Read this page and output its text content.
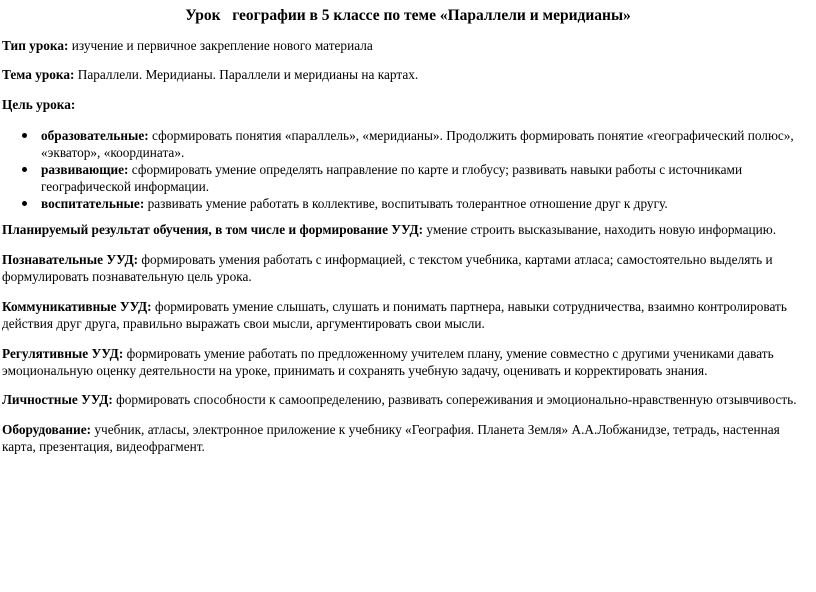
Урок   географии в 5 классе по теме «Параллели и меридианы»

Тип урока: изучение и первичное закрепление нового материала

Тема урока: Параллели. Меридианы. Параллели и меридианы на картах.

Цель урока:

образовательные: сформировать понятия «параллель», «меридианы». Продолжить формировать понятие «географический полюс», «экватор», «координата».
развивающие: сформировать умение определять направление по карте и глобусу; развивать навыки работы с источниками географической информации.
воспитательные: развивать умение работать в коллективе, воспитывать толерантное отношение друг к другу.

Планируемый результат обучения, в том числе и формирование УУД: умение строить высказывание, находить новую информацию.

Познавательные УУД: формировать умения работать с информацией, с текстом учебника, картами атласа; самостоятельно выделять и формулировать познавательную цель урока.

Коммуникативные УУД: формировать умение слышать, слушать и понимать партнера, навыки сотрудничества, взаимно контролировать действия друг друга, правильно выражать свои мысли, аргументировать свои мысли.

Регулятивные УУД: формировать умение работать по предложенному учителем плану, умение совместно с другими учениками давать эмоциональную оценку деятельности на уроке, принимать и сохранять учебную задачу, оценивать и корректировать знания.

Личностные УУД: формировать способности к самоопределению, развивать сопереживания и эмоционально-нравственную отзывчивость.

Оборудование: учебник, атласы, электронное приложение к учебнику «География. Планета Земля» А.А.Лобжанидзе, тетрадь, настенная карта, презентация, видеофрагмент.
